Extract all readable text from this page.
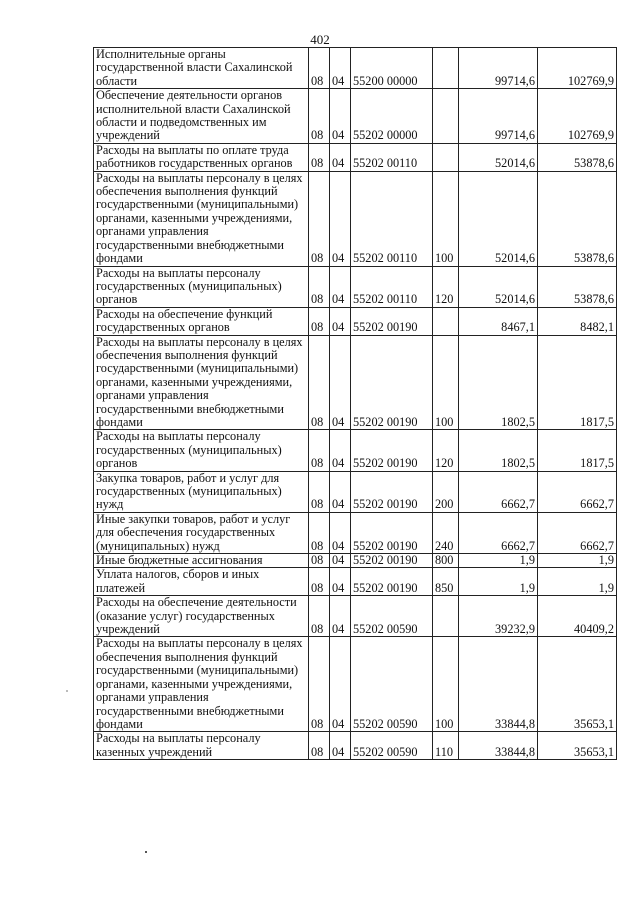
402
Исполнительные органы государственной власти Сахалинской области	08	04	55200 00000		99714,6	102769,9
Обеспечение деятельности органов исполнительной власти Сахалинской области и подведомственных им учреждений	08	04	55202 00000		99714,6	102769,9
Расходы на выплаты по оплате труда работников государственных органов	08	04	55202 00110		52014,6	53878,6
Расходы на выплаты персоналу в целях обеспечения выполнения функций государственными (муниципальными) органами, казенными учреждениями, органами управления государственными внебюджетными фондами	08	04	55202 00110	100	52014,6	53878,6
Расходы на выплаты персоналу государственных (муниципальных) органов	08	04	55202 00110	120	52014,6	53878,6
Расходы на обеспечение функций государственных органов	08	04	55202 00190		8467,1	8482,1
Расходы на выплаты персоналу в целях обеспечения выполнения функций государственными (муниципальными) органами, казенными учреждениями, органами управления государственными внебюджетными фондами	08	04	55202 00190	100	1802,5	1817,5
Расходы на выплаты персоналу государственных (муниципальных) органов	08	04	55202 00190	120	1802,5	1817,5
Закупка товаров, работ и услуг для государственных (муниципальных) нужд	08	04	55202 00190	200	6662,7	6662,7
Иные закупки товаров, работ и услуг для обеспечения государственных (муниципальных) нужд	08	04	55202 00190	240	6662,7	6662,7
Иные бюджетные ассигнования	08	04	55202 00190	800	1,9	1,9
Уплата налогов, сборов и иных платежей	08	04	55202 00190	850	1,9	1,9
Расходы на обеспечение деятельности (оказание услуг) государственных учреждений	08	04	55202 00590		39232,9	40409,2
Расходы на выплаты персоналу в целях обеспечения выполнения функций государственными (муниципальными) органами, казенными учреждениями, органами управления государственными внебюджетными фондами	08	04	55202 00590	100	33844,8	35653,1
Расходы на выплаты персоналу казенных учреждений	08	04	55202 00590	110	33844,8	35653,1
